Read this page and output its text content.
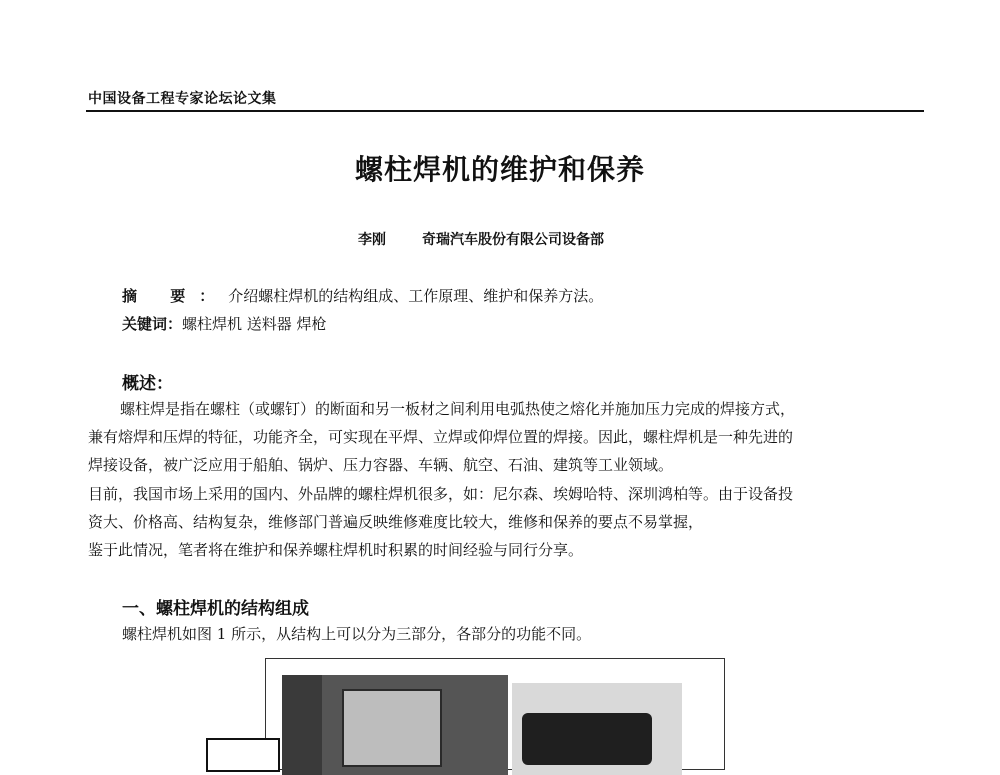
中国设备工程专家论坛论文集
螺柱焊机的维护和保养
李刚	奇瑞汽车股份有限公司设备部
摘 要：介绍螺柱焊机的结构组成、工作原理、维护和保养方法。
关键词：螺柱焊机 送料器 焊枪
概述：
螺柱焊是指在螺柱（或螺钉）的断面和另一板材之间利用电弧热使之熔化并施加压力完成的焊接方式，
兼有熔焊和压焊的特征，功能齐全，可实现在平焊、立焊或仰焊位置的焊接。因此，螺柱焊机是一种先进的
焊接设备，被广泛应用于船舶、锅炉、压力容器、车辆、航空、石油、建筑等工业领域。
目前，我国市场上采用的国内、外品牌的螺柱焊机很多，如：尼尔森、埃姆哈特、深圳鸿柏等。由于设备投
资大、价格高、结构复杂，维修部门普遍反映维修难度比较大，维修和保养的要点不易掌握，
鉴于此情况，笔者将在维护和保养螺柱焊机时积累的时间经验与同行分享。
一、螺柱焊机的结构组成
螺柱焊机如图 1 所示，从结构上可以分为三部分，各部分的功能不同。
